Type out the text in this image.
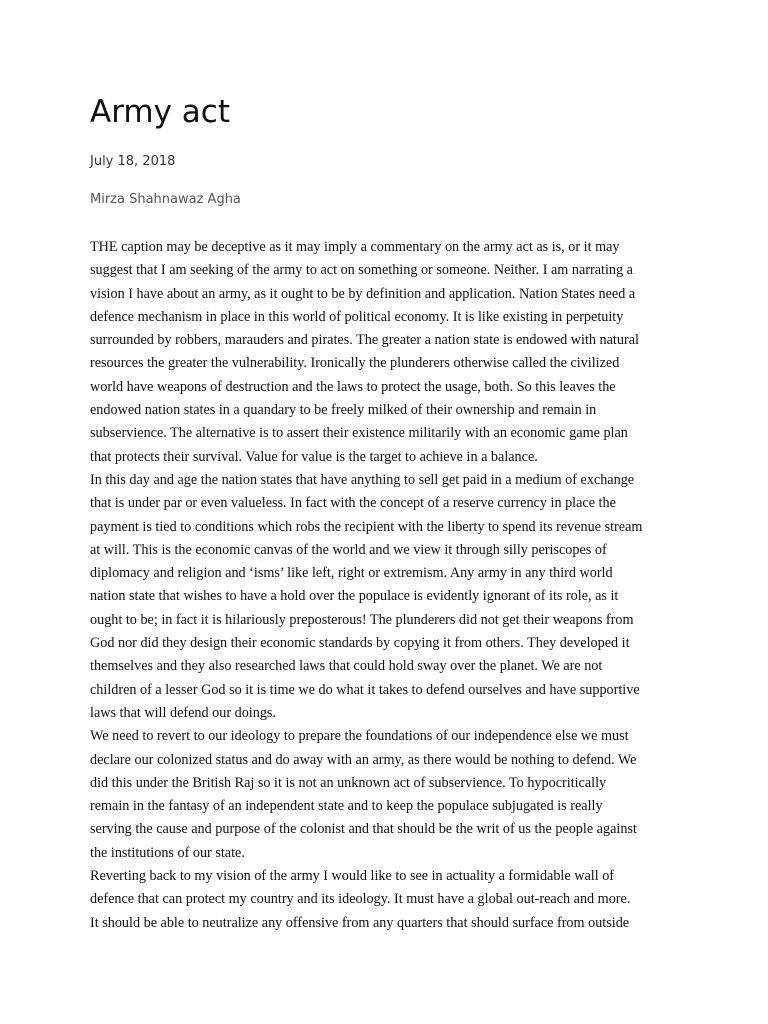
Army act
July 18, 2018
Mirza Shahnawaz Agha
THE caption may be deceptive as it may imply a commentary on the army act as is, or it may
suggest that I am seeking of the army to act on something or someone. Neither. I am narrating a
vision I have about an army, as it ought to be by definition and application. Nation States need a
defence mechanism in place in this world of political economy. It is like existing in perpetuity
surrounded by robbers, marauders and pirates. The greater a nation state is endowed with natural
resources the greater the vulnerability. Ironically the plunderers otherwise called the civilized
world have weapons of destruction and the laws to protect the usage, both. So this leaves the
endowed nation states in a quandary to be freely milked of their ownership and remain in
subservience. The alternative is to assert their existence militarily with an economic game plan
that protects their survival. Value for value is the target to achieve in a balance.
In this day and age the nation states that have anything to sell get paid in a medium of exchange
that is under par or even valueless. In fact with the concept of a reserve currency in place the
payment is tied to conditions which robs the recipient with the liberty to spend its revenue stream
at will. This is the economic canvas of the world and we view it through silly periscopes of
diplomacy and religion and ‘isms’ like left, right or extremism. Any army in any third world
nation state that wishes to have a hold over the populace is evidently ignorant of its role, as it
ought to be; in fact it is hilariously preposterous! The plunderers did not get their weapons from
God nor did they design their economic standards by copying it from others. They developed it
themselves and they also researched laws that could hold sway over the planet. We are not
children of a lesser God so it is time we do what it takes to defend ourselves and have supportive
laws that will defend our doings.
We need to revert to our ideology to prepare the foundations of our independence else we must
declare our colonized status and do away with an army, as there would be nothing to defend. We
did this under the British Raj so it is not an unknown act of subservience. To hypocritically
remain in the fantasy of an independent state and to keep the populace subjugated is really
serving the cause and purpose of the colonist and that should be the writ of us the people against
the institutions of our state.
Reverting back to my vision of the army I would like to see in actuality a formidable wall of
defence that can protect my country and its ideology. It must have a global out-reach and more.
It should be able to neutralize any offensive from any quarters that should surface from outside
